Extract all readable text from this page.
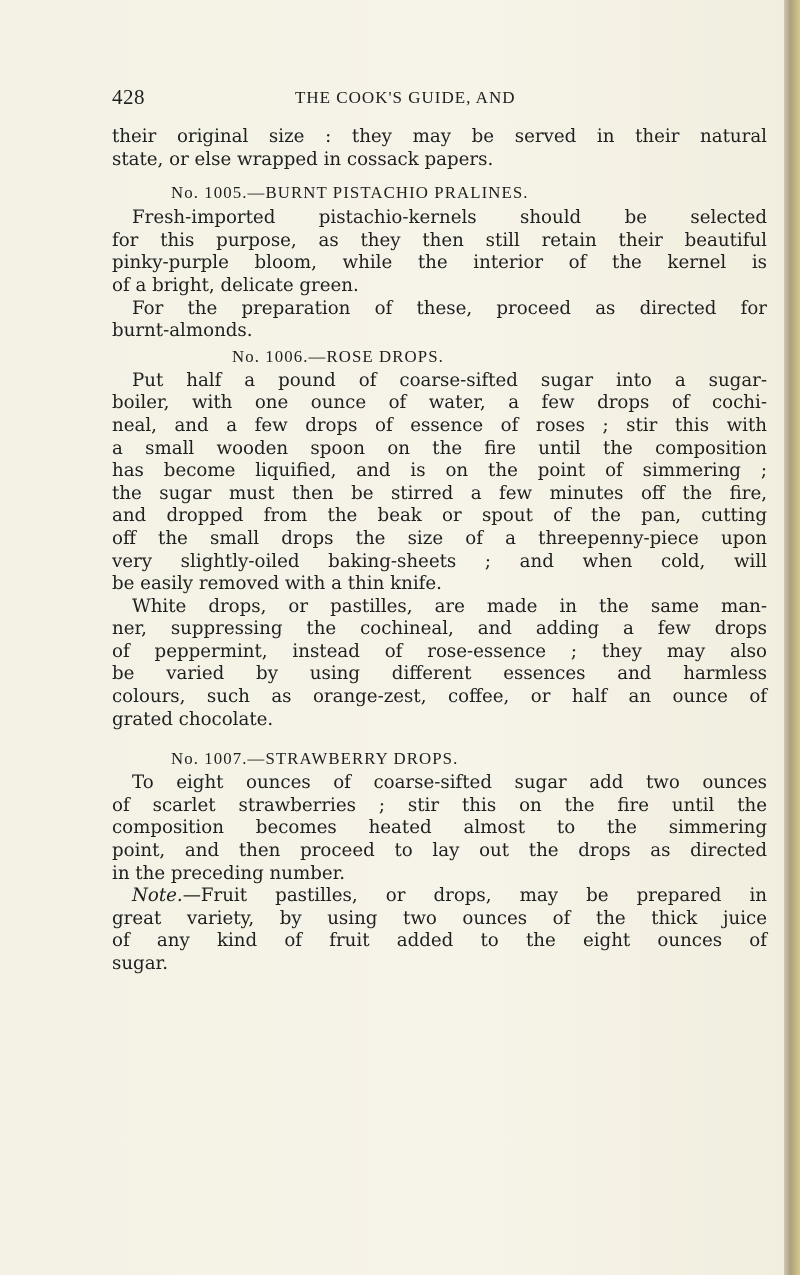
428	THE COOK'S GUIDE, AND
their original size : they may be served in their natural
state, or else wrapped in cossack papers.
No. 1005.—BURNT PISTACHIO PRALINES.
Fresh-imported pistachio-kernels should be selected
for this purpose, as they then still retain their beautiful
pinky-purple bloom, while the interior of the kernel is
of a bright, delicate green.
For the preparation of these, proceed as directed for
burnt-almonds.
No. 1006.—ROSE DROPS.
Put half a pound of coarse-sifted sugar into a sugar-
boiler, with one ounce of water, a few drops of cochi-
neal, and a few drops of essence of roses ; stir this with
a small wooden spoon on the fire until the composition
has become liquified, and is on the point of simmering ;
the sugar must then be stirred a few minutes off the fire,
and dropped from the beak or spout of the pan, cutting
off the small drops the size of a threepenny-piece upon
very slightly-oiled baking-sheets ; and when cold, will
be easily removed with a thin knife.
White drops, or pastilles, are made in the same man-
ner, suppressing the cochineal, and adding a few drops
of peppermint, instead of rose-essence ; they may also
be varied by using different essences and harmless
colours, such as orange-zest, coffee, or half an ounce of
grated chocolate.
No. 1007.—STRAWBERRY DROPS.
To eight ounces of coarse-sifted sugar add two ounces
of scarlet strawberries ; stir this on the fire until the
composition becomes heated almost to the simmering
point, and then proceed to lay out the drops as directed
in the preceding number.
Note.—Fruit pastilles, or drops, may be prepared in
great variety, by using two ounces of the thick juice
of any kind of fruit added to the eight ounces of
sugar.
